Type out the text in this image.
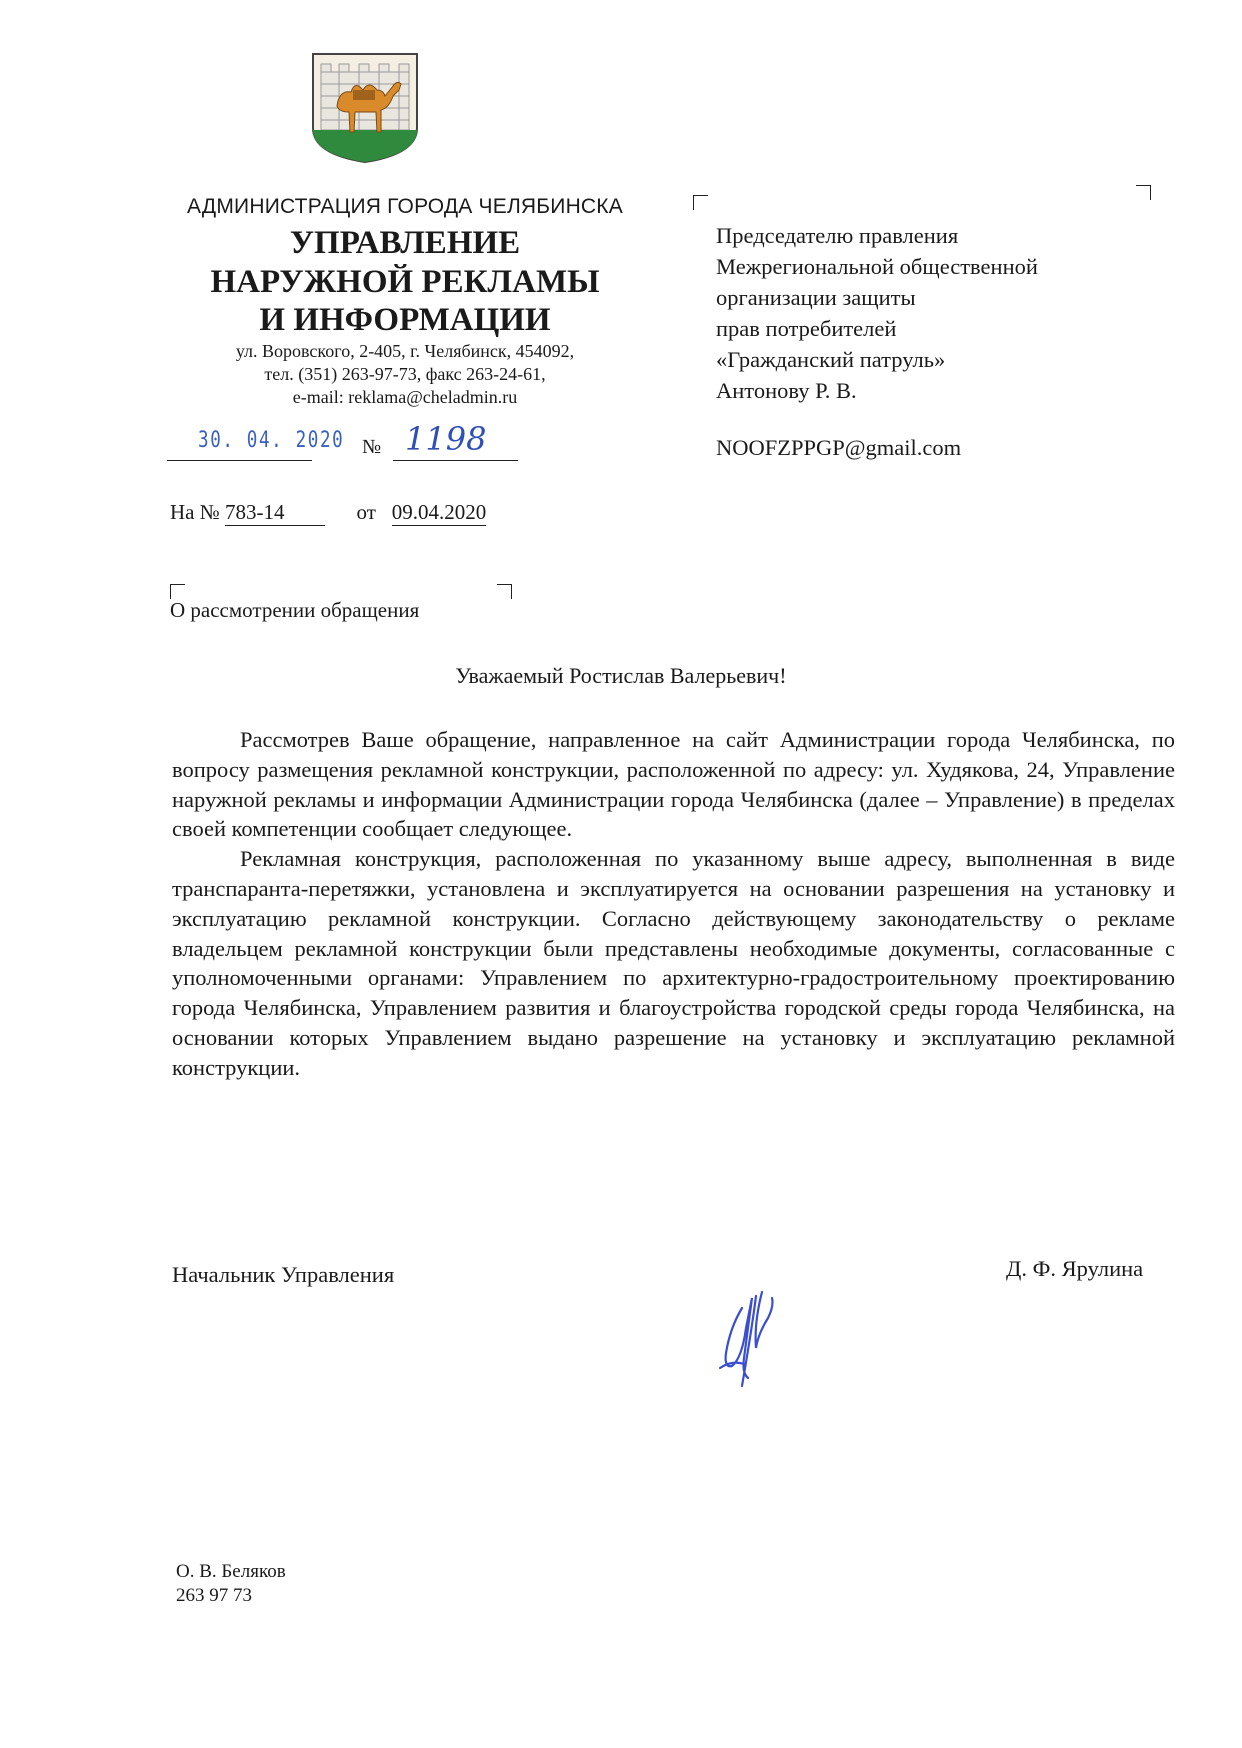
АДМИНИСТРАЦИЯ ГОРОДА ЧЕЛЯБИНСКА
УПРАВЛЕНИЕ
НАРУЖНОЙ РЕКЛАМЫ
И ИНФОРМАЦИИ
ул. Воровского, 2-405, г. Челябинск, 454092,
тел. (351) 263-97-73, факс 263-24-61,
e-mail: reklama@cheladmin.ru
30. 04. 2020 № 1198
На № 783-14	от 09.04.2020
Председателю правления
Межрегиональной общественной
организации защиты
прав потребителей
«Гражданский патруль»
Антонову Р. В.
NOOFZPPGP@gmail.com
О рассмотрении обращения
Уважаемый Ростислав Валерьевич!

Рассмотрев Ваше обращение, направленное на сайт Администрации города Челябинска, по вопросу размещения рекламной конструкции, расположенной по адресу: ул. Худякова, 24, Управление наружной рекламы и информации Администрации города Челябинска (далее – Управление) в пределах своей компетенции сообщает следующее.

Рекламная конструкция, расположенная по указанному выше адресу, выполненная в виде транспаранта-перетяжки, установлена и эксплуатируется на основании разрешения на установку и эксплуатацию рекламной конструкции. Согласно действующему законодательству о рекламе владельцем рекламной конструкции были представлены необходимые документы, согласованные с уполномоченными органами: Управлением по архитектурно-градостроительному проектированию города Челябинска, Управлением развития и благоустройства городской среды города Челябинска, на основании которых Управлением выдано разрешение на установку и эксплуатацию рекламной конструкции.

Начальник Управления	Д. Ф. Ярулина
О. В. Беляков
263 97 73
